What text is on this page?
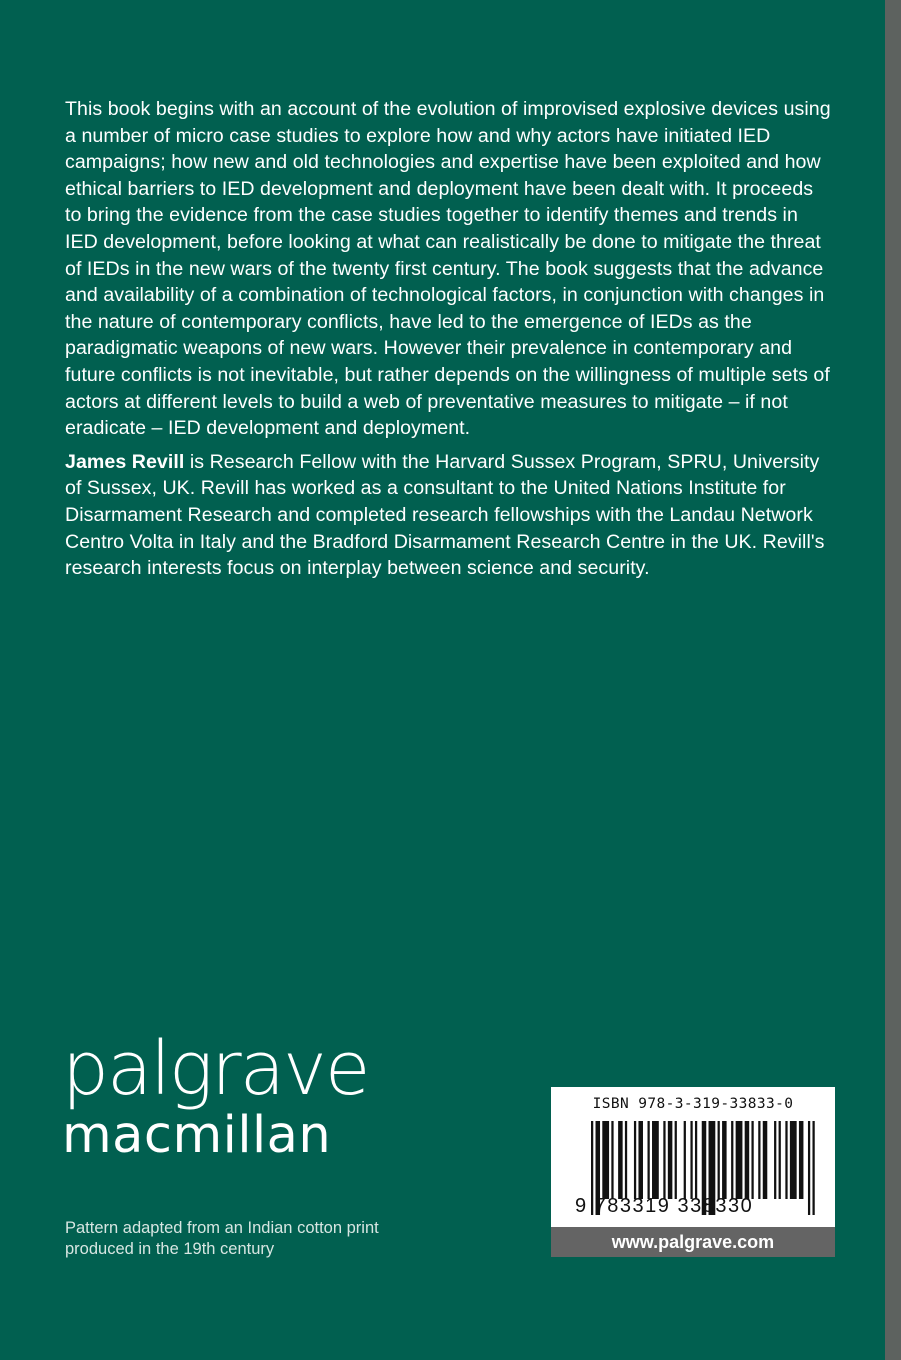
This book begins with an account of the evolution of improvised explosive devices using a number of micro case studies to explore how and why actors have initiated IED campaigns; how new and old technologies and expertise have been exploited and how ethical barriers to IED development and deployment have been dealt with. It proceeds to bring the evidence from the case studies together to identify themes and trends in IED development, before looking at what can realistically be done to mitigate the threat of IEDs in the new wars of the twenty first century. The book suggests that the advance and availability of a combination of technological factors, in conjunction with changes in the nature of contemporary conflicts, have led to the emergence of IEDs as the paradigmatic weapons of new wars. However their prevalence in contemporary and future conflicts is not inevitable, but rather depends on the willingness of multiple sets of actors at different levels to build a web of preventative measures to mitigate – if not eradicate – IED development and deployment.

James Revill is Research Fellow with the Harvard Sussex Program, SPRU, University of Sussex, UK. Revill has worked as a consultant to the United Nations Institute for Disarmament Research and completed research fellowships with the Landau Network Centro Volta in Italy and the Bradford Disarmament Research Centre in the UK. Revill's research interests focus on interplay between science and security.

palgrave
macmillan
Pattern adapted from an Indian cotton print produced in the 19th century
ISBN 978-3-319-33833-0
9 783319 338330
www.palgrave.com
